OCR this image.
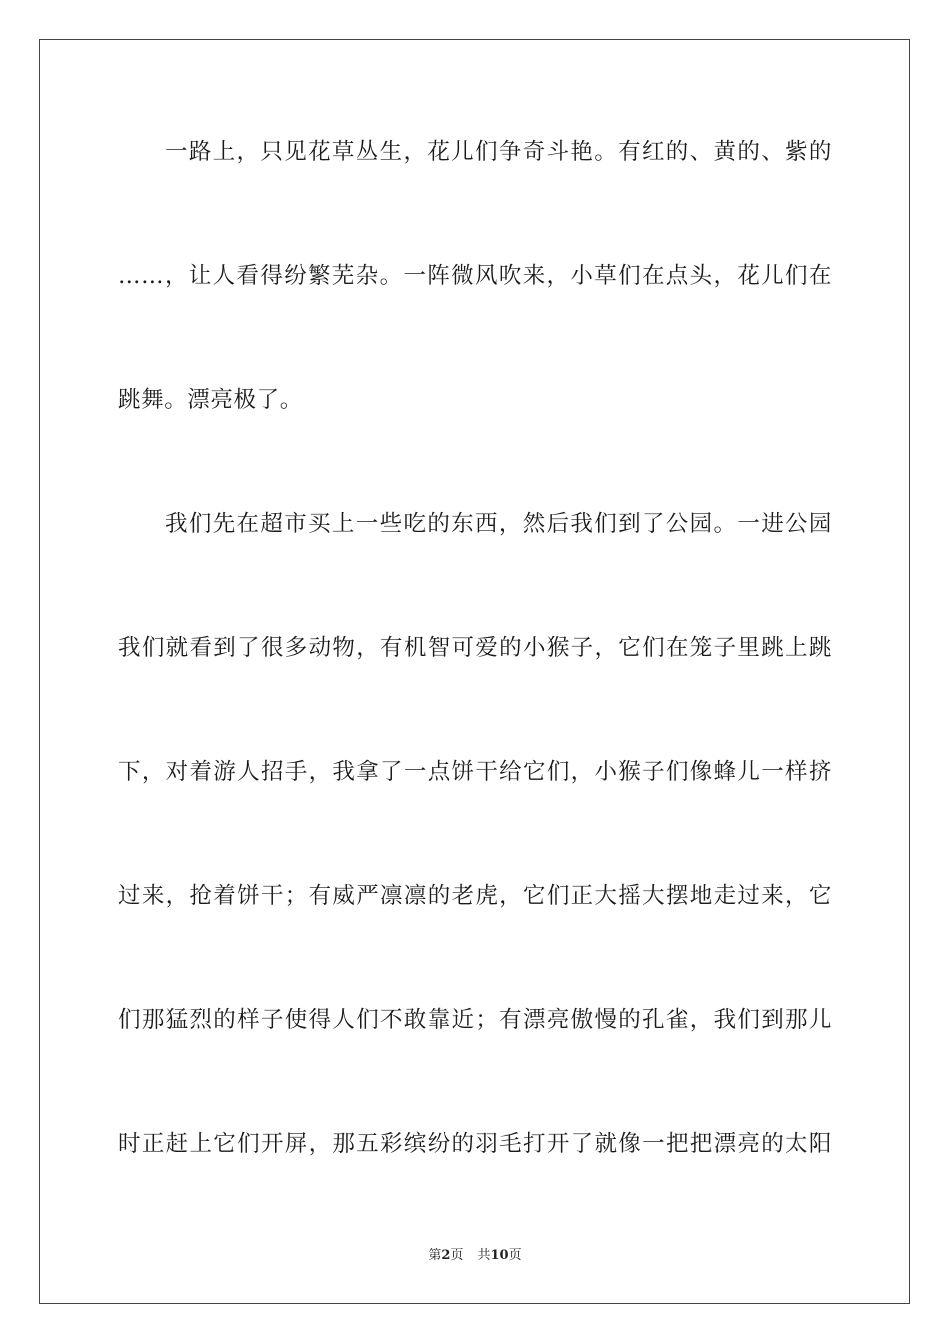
一路上，只见花草丛生，花儿们争奇斗艳。有红的、黄的、紫的
……，让人看得纷繁芜杂。一阵微风吹来，小草们在点头，花儿们在
跳舞。漂亮极了。
我们先在超市买上一些吃的东西，然后我们到了公园。一进公园
我们就看到了很多动物，有机智可爱的小猴子，它们在笼子里跳上跳
下，对着游人招手，我拿了一点饼干给它们，小猴子们像蜂儿一样挤
过来，抢着饼干；有威严凛凛的老虎，它们正大摇大摆地走过来，它
们那猛烈的样子使得人们不敢靠近；有漂亮傲慢的孔雀，我们到那儿
时正赶上它们开屏，那五彩缤纷的羽毛打开了就像一把把漂亮的太阳
第2页 共10页
